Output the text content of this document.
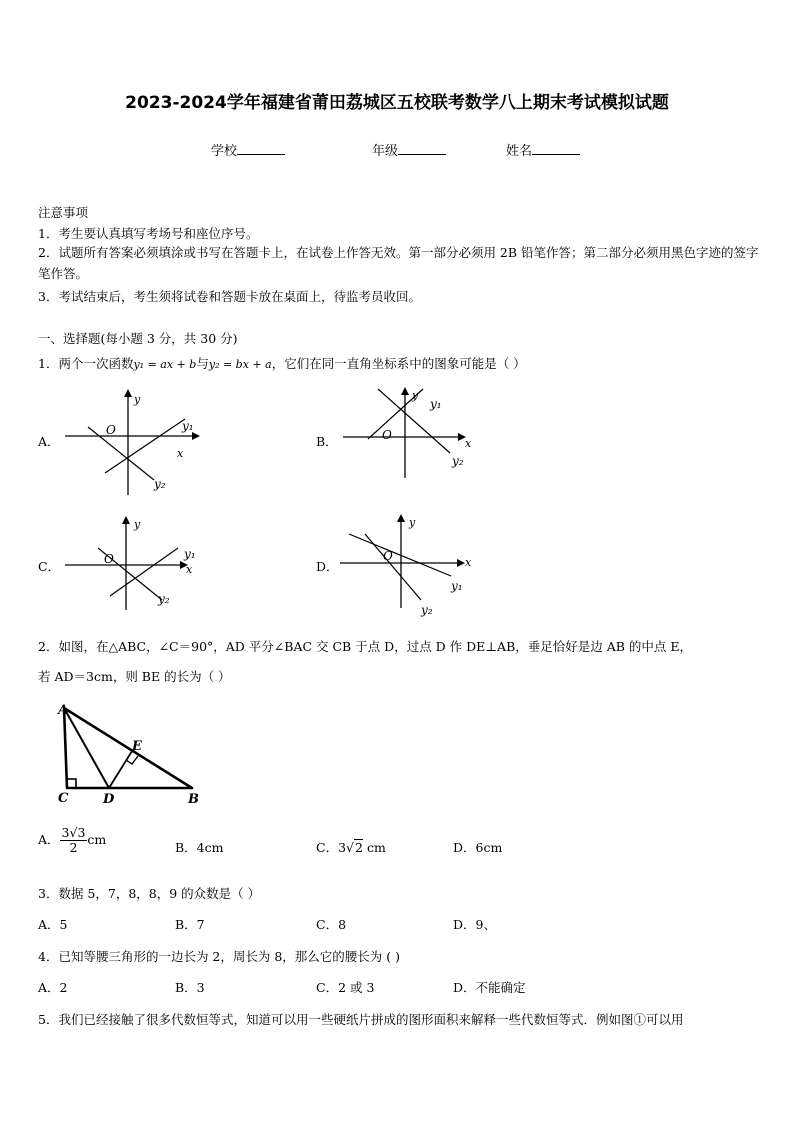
2023-2024学年福建省莆田荔城区五校联考数学八上期末考试模拟试题
学校	年级	姓名
注意事项
1．考生要认真填写考场号和座位序号。
2．试题所有答案必须填涂或书写在答题卡上，在试卷上作答无效。第一部分必须用 2B 铅笔作答；第二部分必须用黑色字迹的签字笔作答。
3．考试结束后，考生须将试卷和答题卡放在桌面上，待监考员收回。
一、选择题(每小题 3 分，共 30 分)
1．两个一次函数y₁ = ax + b与y₂ = bx + a，它们在同一直角坐标系中的图象可能是（ ）
A．	B．
C．	D．
y
x
O	y₁
y₂
y
x
O
y₁
y₂
y
x
O	y₁
y₂
y
x
O
y₁
y₂
2．如图，在△ABC，∠C＝90°，AD 平分∠BAC 交 CB 于点 D，过点 D 作 DE⊥AB，垂足恰好是边 AB 的中点 E，
若 AD＝3cm，则 BE 的长为（ ）
A
C	D	B
E
A． $\frac{3√3}{2}$ cm
B．4cm	C．3√2 cm	D．6cm
3．数据 5，7，8，8，9 的众数是（ ）
A．5	B．7	C．8	D．9、
4．已知等腰三角形的一边长为 2，周长为 8，那么它的腰长为 ( )
A．2	B．3	C．2 或 3	D．不能确定
5．我们已经接触了很多代数恒等式，知道可以用一些硬纸片拼成的图形面积来解释一些代数恒等式．例如图①可以用
